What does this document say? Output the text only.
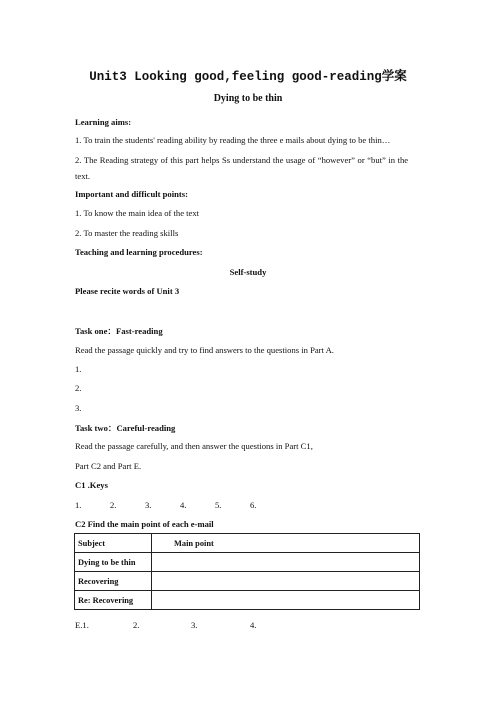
Unit3 Looking good,feeling good-reading学案
Dying to be thin
Learning aims:
1. To train the students' reading ability by reading the three e mails about dying to be thin…
2. The Reading strategy of this part helps Ss understand the usage of “however” or “but” in the
text.
Important and difficult points:
1. To know the main idea of the text
2. To master the reading skills
Teaching and learning procedures:
Self-study
Please recite words of Unit 3
Task one：Fast-reading
Read the passage quickly and try to find answers to the questions in Part A.
1.
2.
3.
Task two：Careful-reading
Read the passage carefully, and then answer the questions in Part C1,
Part C2 and Part E.
C1 .Keys
1.	2.	3.	4.	5.	6.
C2 Find the main point of each e-mail
Subject	Main point
Dying to be thin	
Recovering	
Re: Recovering	
E.1.	2.	3.	4.
